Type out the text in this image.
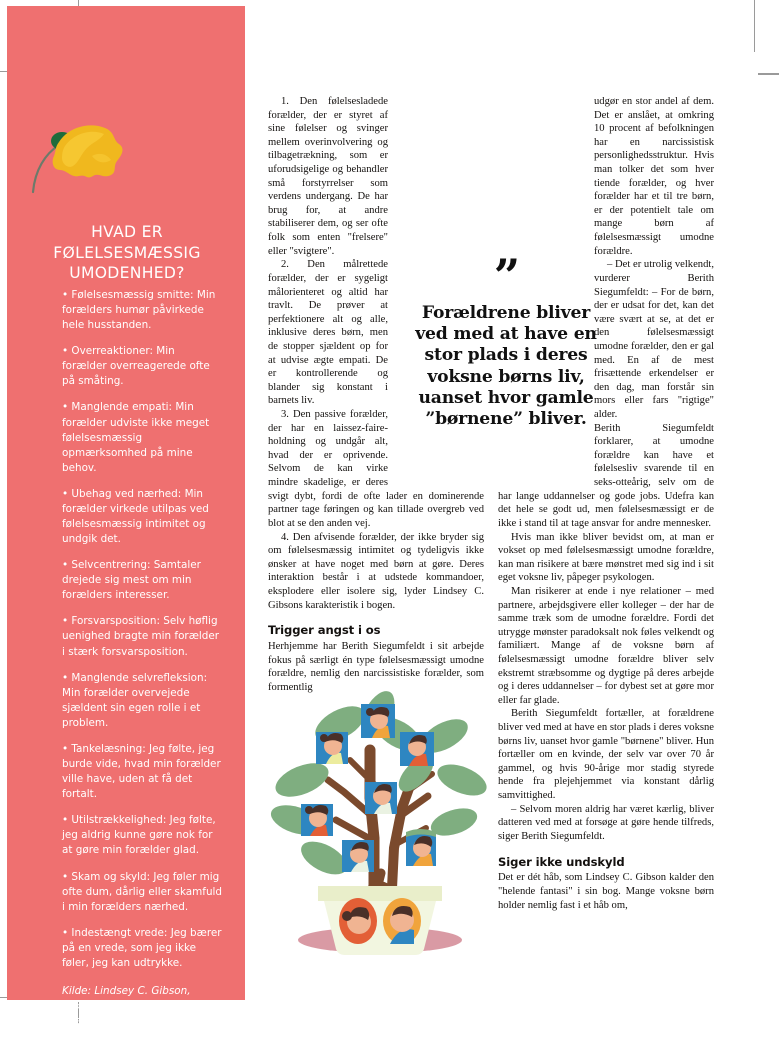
HVAD ER FØLELSESMÆSSIG UMODENHED?

• Følelsesmæssig smitte: Min forælders humør påvirkede hele husstanden.

• Overreaktioner: Min forælder overreagerede ofte på småting.

• Manglende empati: Min forælder udviste ikke meget følelsesmæssig opmærksomhed på mine behov.

• Ubehag ved nærhed: Min forælder virkede utilpas ved følelsesmæssig intimitet og undgik det.

• Selvcentrering: Samtaler drejede sig mest om min forælders interesser.

• Forsvarsposition: Selv høflig uenighed bragte min forælder i stærk forsvarsposition.

• Manglende selvrefleksion: Min forælder overvejede sjældent sin egen rolle i et problem.

• Tankelæsning: Jeg følte, jeg burde vide, hvad min forælder ville have, uden at få det fortalt.

• Utilstrækkelighed: Jeg følte, jeg aldrig kunne gøre nok for at gøre min forælder glad.

• Skam og skyld: Jeg føler mig ofte dum, dårlig eller skamfuld i min forælders nærhed.

• Indestængt vrede: Jeg bærer på en vrede, som jeg ikke føler, jeg kan udtrykke.

Kilde: Lindsey C. Gibson, Voksne børn af følelsesmæssigt umodne forældre.

1. Den følelsesladede forælder, der er styret af sine følelser og svinger mellem overinvolvering og tilbagetrækning, som er uforudsigelige og behandler små forstyrrelser som verdens undergang. De har brug for, at andre stabiliserer dem, og ser ofte folk som enten "frelsere" eller "svigtere".

2. Den målrettede forælder, der er sygeligt målorienteret og altid har travlt. De prøver at perfektionere alt og alle, inklusive deres børn, men de stopper sjældent op for at udvise ægte empati. De er kontrollerende og blander sig konstant i barnets liv.

3. Den passive forælder, der har en laissez-faire-holdning og undgår alt, hvad der er oprivende. Selvom de kan virke mindre skadelige, er deres svigt dybt, fordi de ofte lader en dominerende partner tage føringen og kan tillade overgreb ved blot at se den anden vej.

4. Den afvisende forælder, der ikke bryder sig om følelsesmæssig intimitet og tydeligvis ikke ønsker at have noget med børn at gøre. Deres interaktion består i at udstede kommandoer, eksplodere eller isolere sig, lyder Lindsey C. Gibsons karakteristik i bogen.

Trigger angst i os

Herhjemme har Berith Siegumfeldt i sit arbejde fokus på særligt én type følelsesmæssigt umodne forældre, nemlig den narcissistiske forælder, som formentlig

udgør en stor andel af dem. Det er anslået, at omkring 10 procent af befolkningen har en narcissistisk personlighedsstruktur. Hvis man tolker det som hver tiende forælder, og hver forælder har et til tre børn, er der potentielt tale om mange børn af følelsesmæssigt umodne forældre.

– Det er utrolig velkendt, vurderer Berith Siegumfeldt: – For de børn, der er udsat for det, kan det være svært at se, at det er den følelsesmæssigt umodne forælder, den er gal med. En af de mest frisættende erkendelser er den dag, man forstår sin mors eller fars "rigtige" alder.

Berith Siegumfeldt forklarer, at umodne forældre kan have et følelsesliv svarende til en seks-otteårig, selv om de har lange uddannelser og gode jobs. Udefra kan det hele se godt ud, men følelsesmæssigt er de ikke i stand til at tage ansvar for andre mennesker.

Hvis man ikke bliver bevidst om, at man er vokset op med følelsesmæssigt umodne forældre, kan man risikere at bære mønstret med sig ind i sit eget voksne liv, påpeger psykologen.

Man risikerer at ende i nye relationer – med partnere, arbejdsgivere eller kolleger – der har de samme træk som de umodne forældre. Fordi det utrygge mønster paradoksalt nok føles velkendt og familiært. Mange af de voksne børn af følelsesmæssigt umodne forældre bliver selv ekstremt stræbsomme og dygtige på deres arbejde og i deres uddannelser – for dybest set at gøre mor eller far glade.

Berith Siegumfeldt fortæller, at forældrene bliver ved med at have en stor plads i deres voksne børns liv, uanset hvor gamle "børnene" bliver. Hun fortæller om en kvinde, der selv var over 70 år gammel, og hvis 90-årige mor stadig styrede hende fra plejehjemmet via konstant dårlig samvittighed.

– Selvom moren aldrig har været kærlig, bliver datteren ved med at forsøge at gøre hende tilfreds, siger Berith Siegumfeldt.

Siger ikke undskyld

Det er dét håb, som Lindsey C. Gibson kalder den "helende fantasi" i sin bog. Mange voksne børn holder nemlig fast i et håb om,

”
Forældrene bliver ved med at have en stor plads i deres voksne børns liv, uanset hvor gamle ”børnene” bliver.
